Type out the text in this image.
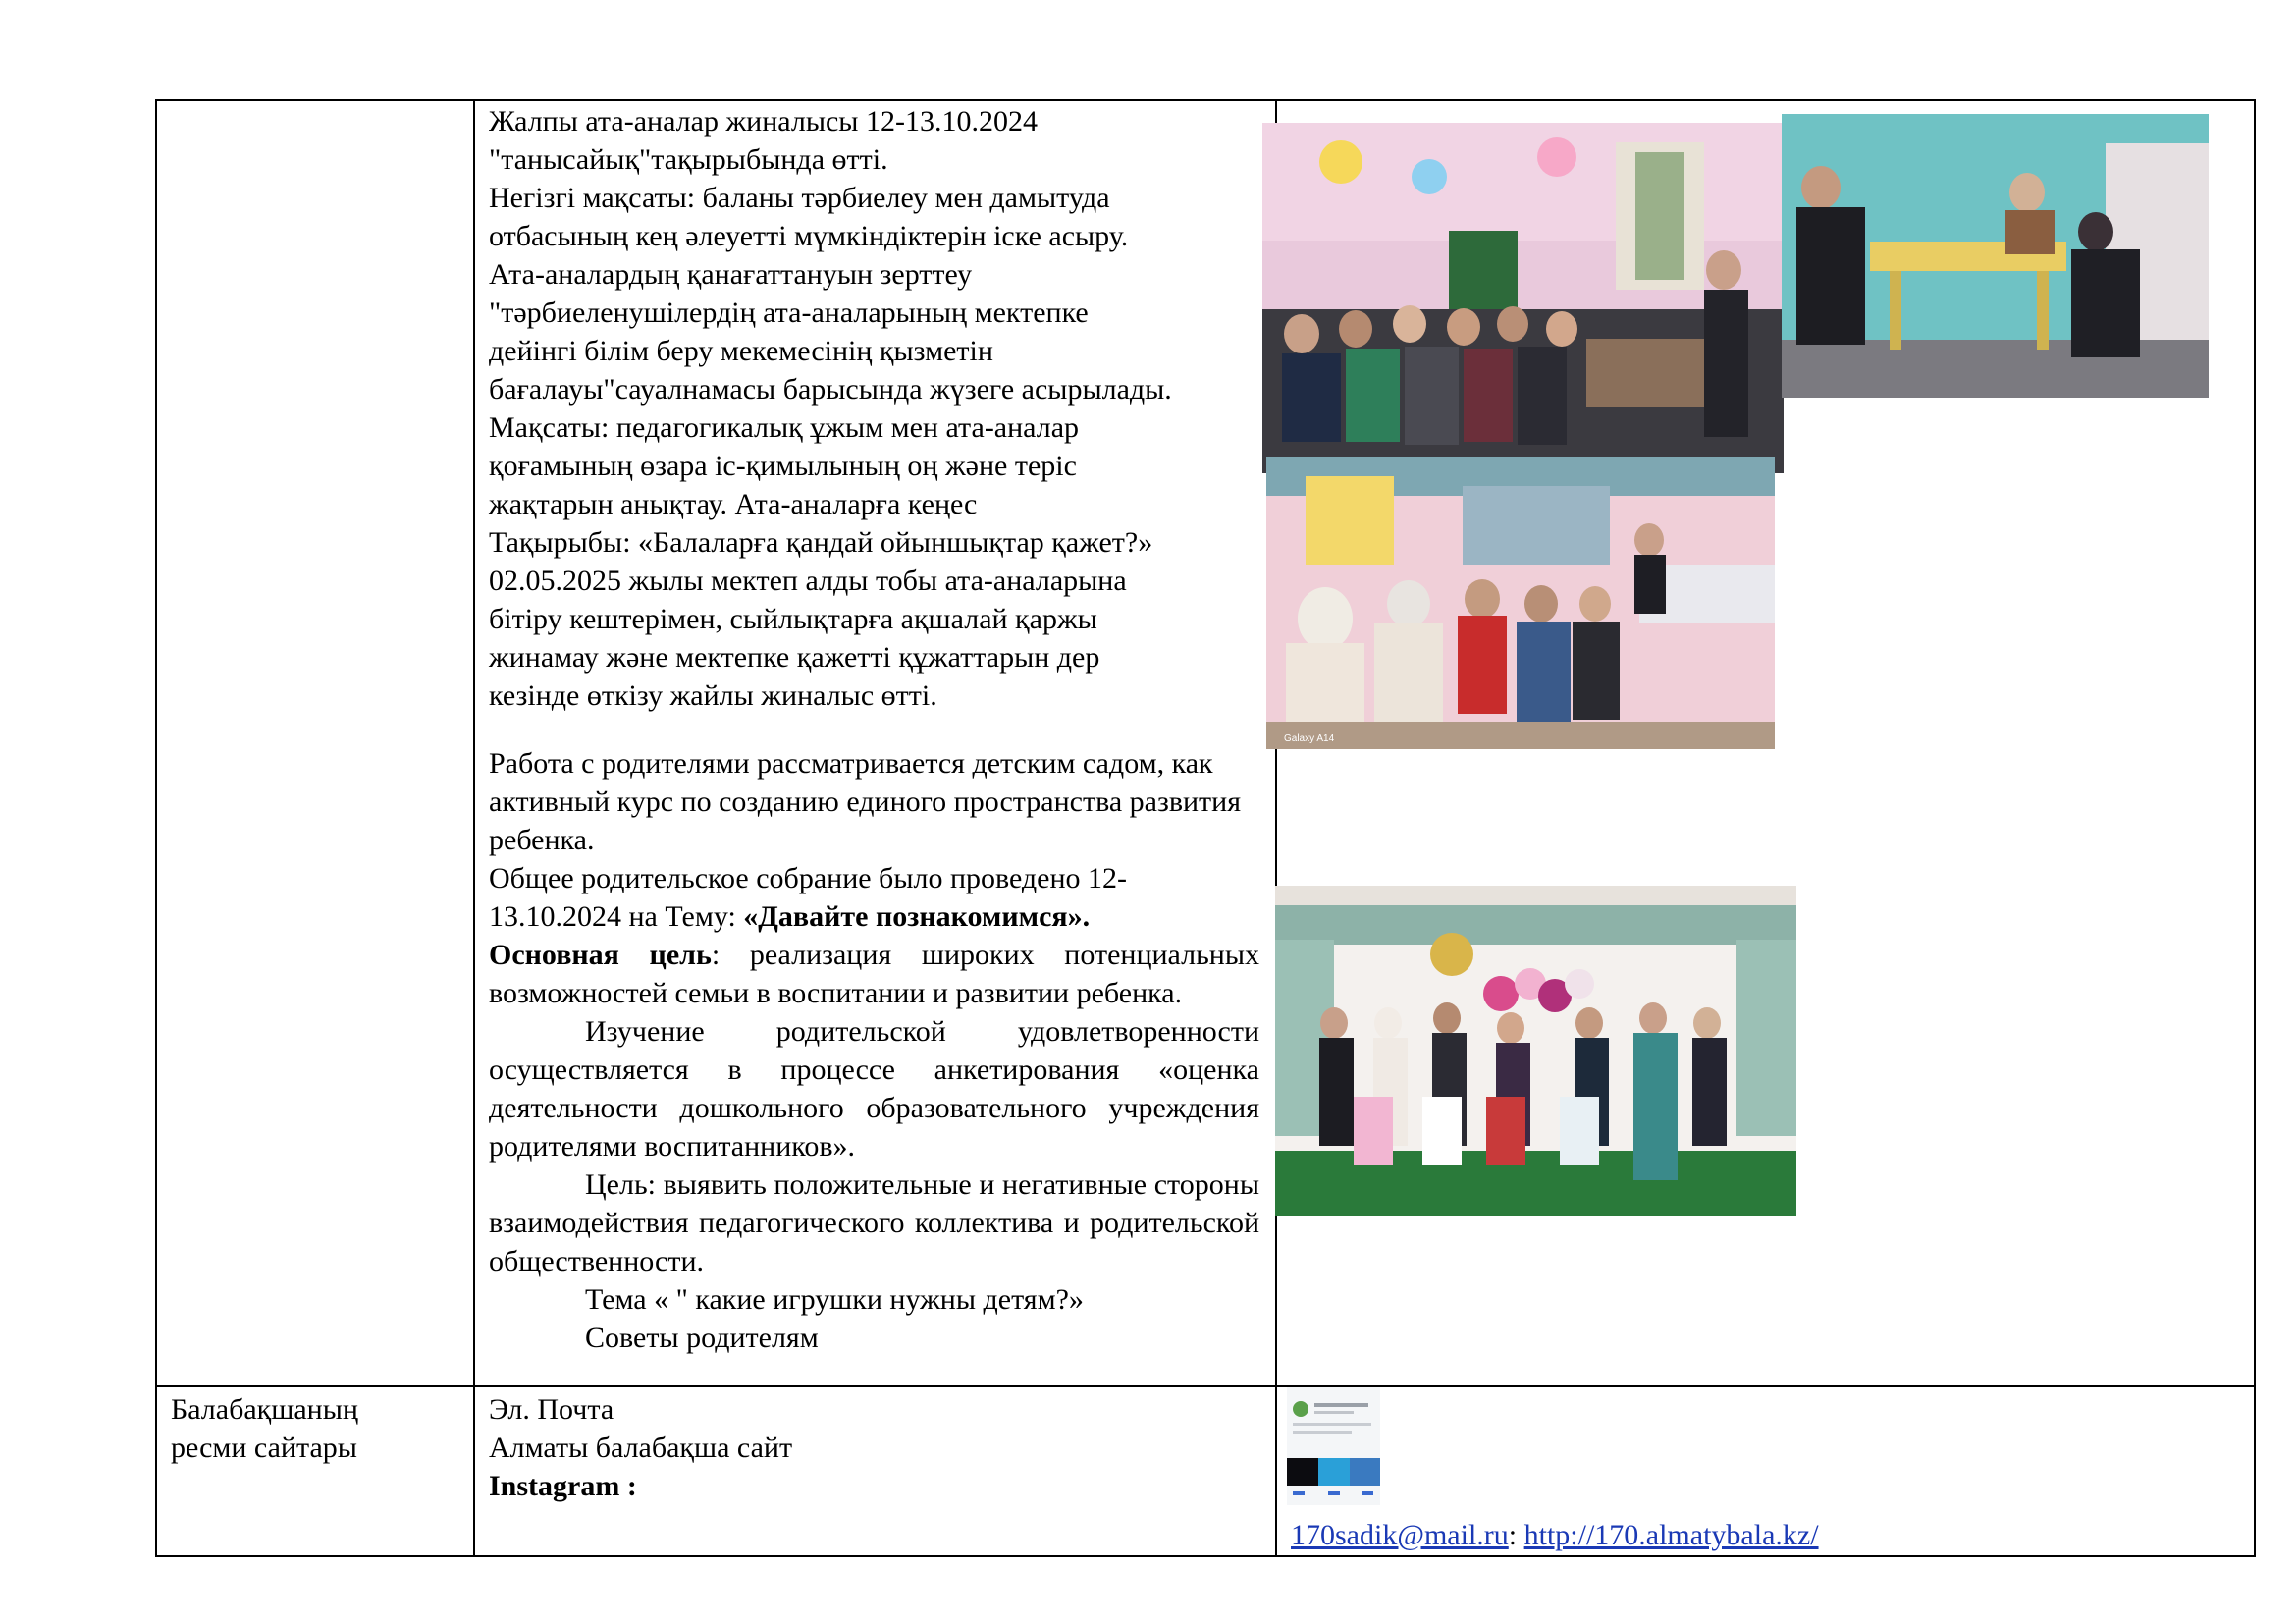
Жалпы ата-аналар жиналысы 12-13.10.2024

"танысайық"тақырыбында өтті.

Негізгі мақсаты: баланы тәрбиелеу мен дамытуда

отбасының кең әлеуетті мүмкіндіктерін іске асыру.

Ата-аналардың қанағаттануын зерттеу

"тәрбиеленушілердің ата-аналарының мектепке

дейінгі білім беру мекемесінің қызметін

бағалауы"сауалнамасы барысында жүзеге асырылады.

Мақсаты: педагогикалық ұжым мен ата-аналар

қоғамының өзара іс-қимылының оң және теріс

жақтарын анықтау. Ата-аналарға кеңес

Тақырыбы: «Балаларға қандай ойыншықтар қажет?»

02.05.2025 жылы мектеп алды тобы ата-аналарына

бітіру кештерімен, сыйлықтарға ақшалай қаржы

жинамау және мектепке қажетті құжаттарын дер

кезінде өткізу жайлы жиналыс өтті.

Работа с родителями рассматривается детским садом, как активный курс по созданию единого пространства развития ребенка.

Общее родительское собрание было проведено 12-13.10.2024 на Тему: «Давайте познакомимся».

Основная цель: реализация широких потенциальных возможностей семьи в воспитании и развитии ребенка.

Изучение родительской удовлетворенности осуществляется в процессе анкетирования «оценка деятельности дошкольного образовательного учреждения родителями воспитанников».

Цель: выявить положительные и негативные стороны взаимодействия педагогического коллектива и родительской общественности.

Тема « " какие игрушки нужны детям?»

Советы родителям

Galaxy A14

Балабақшаның

ресми сайтары

Эл. Почта

Алматы балабақша сайт

Instagram :

170sadik@mail.ru: http://170.almatybala.kz/
